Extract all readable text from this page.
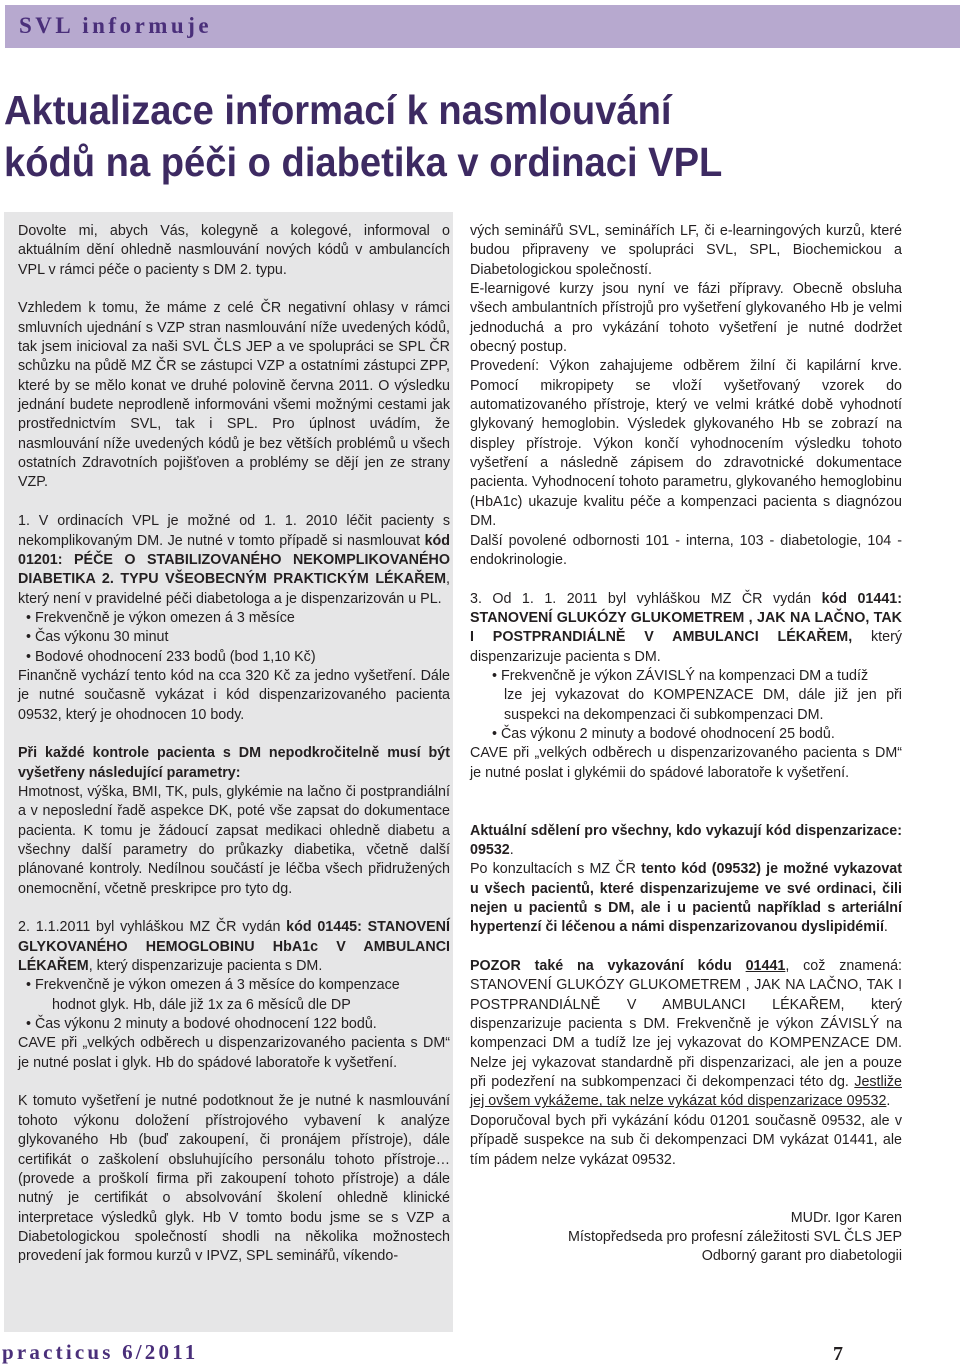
SVL informuje
Aktualizace informací k nasmlouvání
kódů na péči o diabetika v ordinaci VPL

Dovolte mi, abych Vás, kolegyně a kolegové, informoval o aktuálním dění ohledně nasmlouvání nových kódů v ambulancích VPL v rámci péče o pacienty s DM 2. typu.

Vzhledem k tomu, že máme z celé ČR negativní ohlasy v rámci smluvních ujednání s VZP stran nasmlouvání níže uvedených kódů, tak jsem inicioval za naši SVL ČLS JEP a ve spolupráci se SPL ČR schůzku na půdě MZ ČR se zástupci VZP a ostatními zástupci ZPP, které by se mělo konat ve druhé polovině června 2011. O výsledku jednání budete neprodleně informováni všemi možnými cestami jak prostřednictvím SVL, tak i SPL. Pro úplnost uvádím, že nasmlouvání níže uvedených kódů je bez větších problémů u všech ostatních Zdravotních pojišťoven a problémy se dějí jen ze strany VZP.

1. V ordinacích VPL je možné od 1. 1. 2010 léčit pacienty s nekomplikovaným DM. Je nutné v tomto případě si nasmlouvat kód 01201: PÉČE O STABILIZOVANÉHO NEKOMPLIKOVANÉHO DIABETIKA 2. TYPU VŠEOBECNÝM PRAKTICKÝM LÉKAŘEM, který není v pravidelné péči diabetologa a je dispenzarizován u PL.

• Frekvenčně je výkon omezen á 3 měsíce

• Čas výkonu 30 minut

• Bodové ohodnocení 233 bodů (bod 1,10 Kč)

Finančně vychází tento kód na cca 320 Kč za jedno vyšetření. Dále je nutné současně vykázat i kód dispenzarizovaného pacienta 09532, který je ohodnocen 10 body.

Při každé kontrole pacienta s DM nepodkročitelně musí být vyšetřeny následující parametry:

Hmotnost, výška, BMI, TK, puls, glykémie na lačno či postprandiální a v neposlední řadě aspekce DK, poté vše zapsat do dokumentace pacienta. K tomu je žádoucí zapsat medikaci ohledně diabetu a všechny další parametry do průkazky diabetika, včetně další plánované kontroly. Nedílnou součástí je léčba všech přidružených onemocnění, včetně preskripce pro tyto dg.

2. 1.1.2011 byl vyhláškou MZ ČR vydán kód 01445: STANOVENÍ GLYKOVANÉHO HEMOGLOBINU HbA1c V AMBULANCI LÉKAŘEM, který dispenzarizuje pacienta s DM.

• Frekvenčně je výkon omezen á 3 měsíce do kompenzace

hodnot glyk. Hb, dále již 1x za 6 měsíců dle DP

• Čas výkonu 2 minuty a bodové ohodnocení 122 bodů.

CAVE při „velkých odběrech u dispenzarizovaného pacienta s DM“ je nutné poslat i glyk. Hb do spádové laboratoře k vyšetření.

K tomuto vyšetření je nutné podotknout že je nutné k nasmlouvání tohoto výkonu doložení přístrojového vybavení k analýze glykovaného Hb (buď zakoupení, či pronájem přístroje), dále certifikát o zaškolení obsluhujícího personálu tohoto přístroje… (provede a proškolí firma při zakoupení tohoto přístroje) a dále nutný je certifikát o absolvování školení ohledně klinické interpretace výsledků glyk. Hb V tomto bodu jsme se s VZP a Diabetologickou společností shodli na několika možnostech provedení jak formou kurzů v IPVZ, SPL seminářů, víkendo-

vých seminářů SVL, seminářích LF, či e-learningových kurzů, které budou připraveny ve spolupráci SVL, SPL, Biochemickou a Diabetologickou společností.

E-learnigové kurzy jsou nyní ve fázi přípravy. Obecně obsluha všech ambulantních přístrojů pro vyšetření glykovaného Hb je velmi jednoduchá a pro vykázání tohoto vyšetření je nutné dodržet obecný postup.

Provedení: Výkon zahajujeme odběrem žilní či kapilární krve. Pomocí mikropipety se vloží vyšetřovaný vzorek do automatizovaného přístroje, který ve velmi krátké době vyhodnotí glykovaný hemoglobin. Výsledek glykovaného Hb se zobrazí na displey přístroje. Výkon končí vyhodnocením výsledku tohoto vyšetření a následně zápisem do zdravotnické dokumentace pacienta. Vyhodnocení tohoto parametru, glykovaného hemoglobinu (HbA1c) ukazuje kvalitu péče a kompenzaci pacienta s diagnózou DM.

Další povolené odbornosti 101 - interna, 103 - diabetologie, 104 - endokrinologie.

3. Od 1. 1. 2011 byl vyhláškou MZ ČR vydán kód 01441: STANOVENÍ GLUKÓZY GLUKOMETREM , JAK NA LAČNO, TAK I POSTPRANDIÁLNĚ V AMBULANCI LÉKAŘEM, který dispenzarizuje pacienta s DM.

• Frekvenčně je výkon ZÁVISLÝ na kompenzaci DM a tudíž

lze jej vykazovat do KOMPENZACE DM, dále již jen při suspekci na dekompenzaci či subkompenzaci DM.

• Čas výkonu 2 minuty a bodové ohodnocení 25 bodů.

CAVE při „velkých odběrech u dispenzarizovaného pacienta s DM“ je nutné poslat i glykémii do spádové laboratoře k vyšetření.

Aktuální sdělení pro všechny, kdo vykazují kód dispenzarizace: 09532.

Po konzultacích s MZ ČR tento kód (09532) je možné vykazovat u všech pacientů, které dispenzarizujeme ve své ordinaci, čili nejen u pacientů s DM, ale i u pacientů například s arteriální hypertenzí či léčenou a námi dispenzarizovanou dyslipidémií.

POZOR také na vykazování kódu 01441, což znamená: STANOVENÍ GLUKÓZY GLUKOMETREM , JAK NA LAČNO, TAK I POSTPRANDIÁLNĚ V AMBULANCI LÉKAŘEM, který dispenzarizuje pacienta s DM. Frekvenčně je výkon ZÁVISLÝ na kompenzaci DM a tudíž lze jej vykazovat do KOMPENZACE DM. Nelze jej vykazovat standardně při dispenzarizaci, ale jen a pouze při podezření na subkompenzaci či dekompenzaci této dg. Jestliže jej ovšem vykážeme, tak nelze vykázat kód dispenzarizace 09532.

Doporučoval bych při vykázání kódu 01201 současně 09532, ale v případě suspekce na sub či dekompenzaci DM vykázat 01441, ale tím pádem nelze vykázat 09532.

MUDr. Igor Karen

Místopředseda pro profesní záležitosti SVL ČLS JEP

Odborný garant pro diabetologii

practicus 6/2011	7
